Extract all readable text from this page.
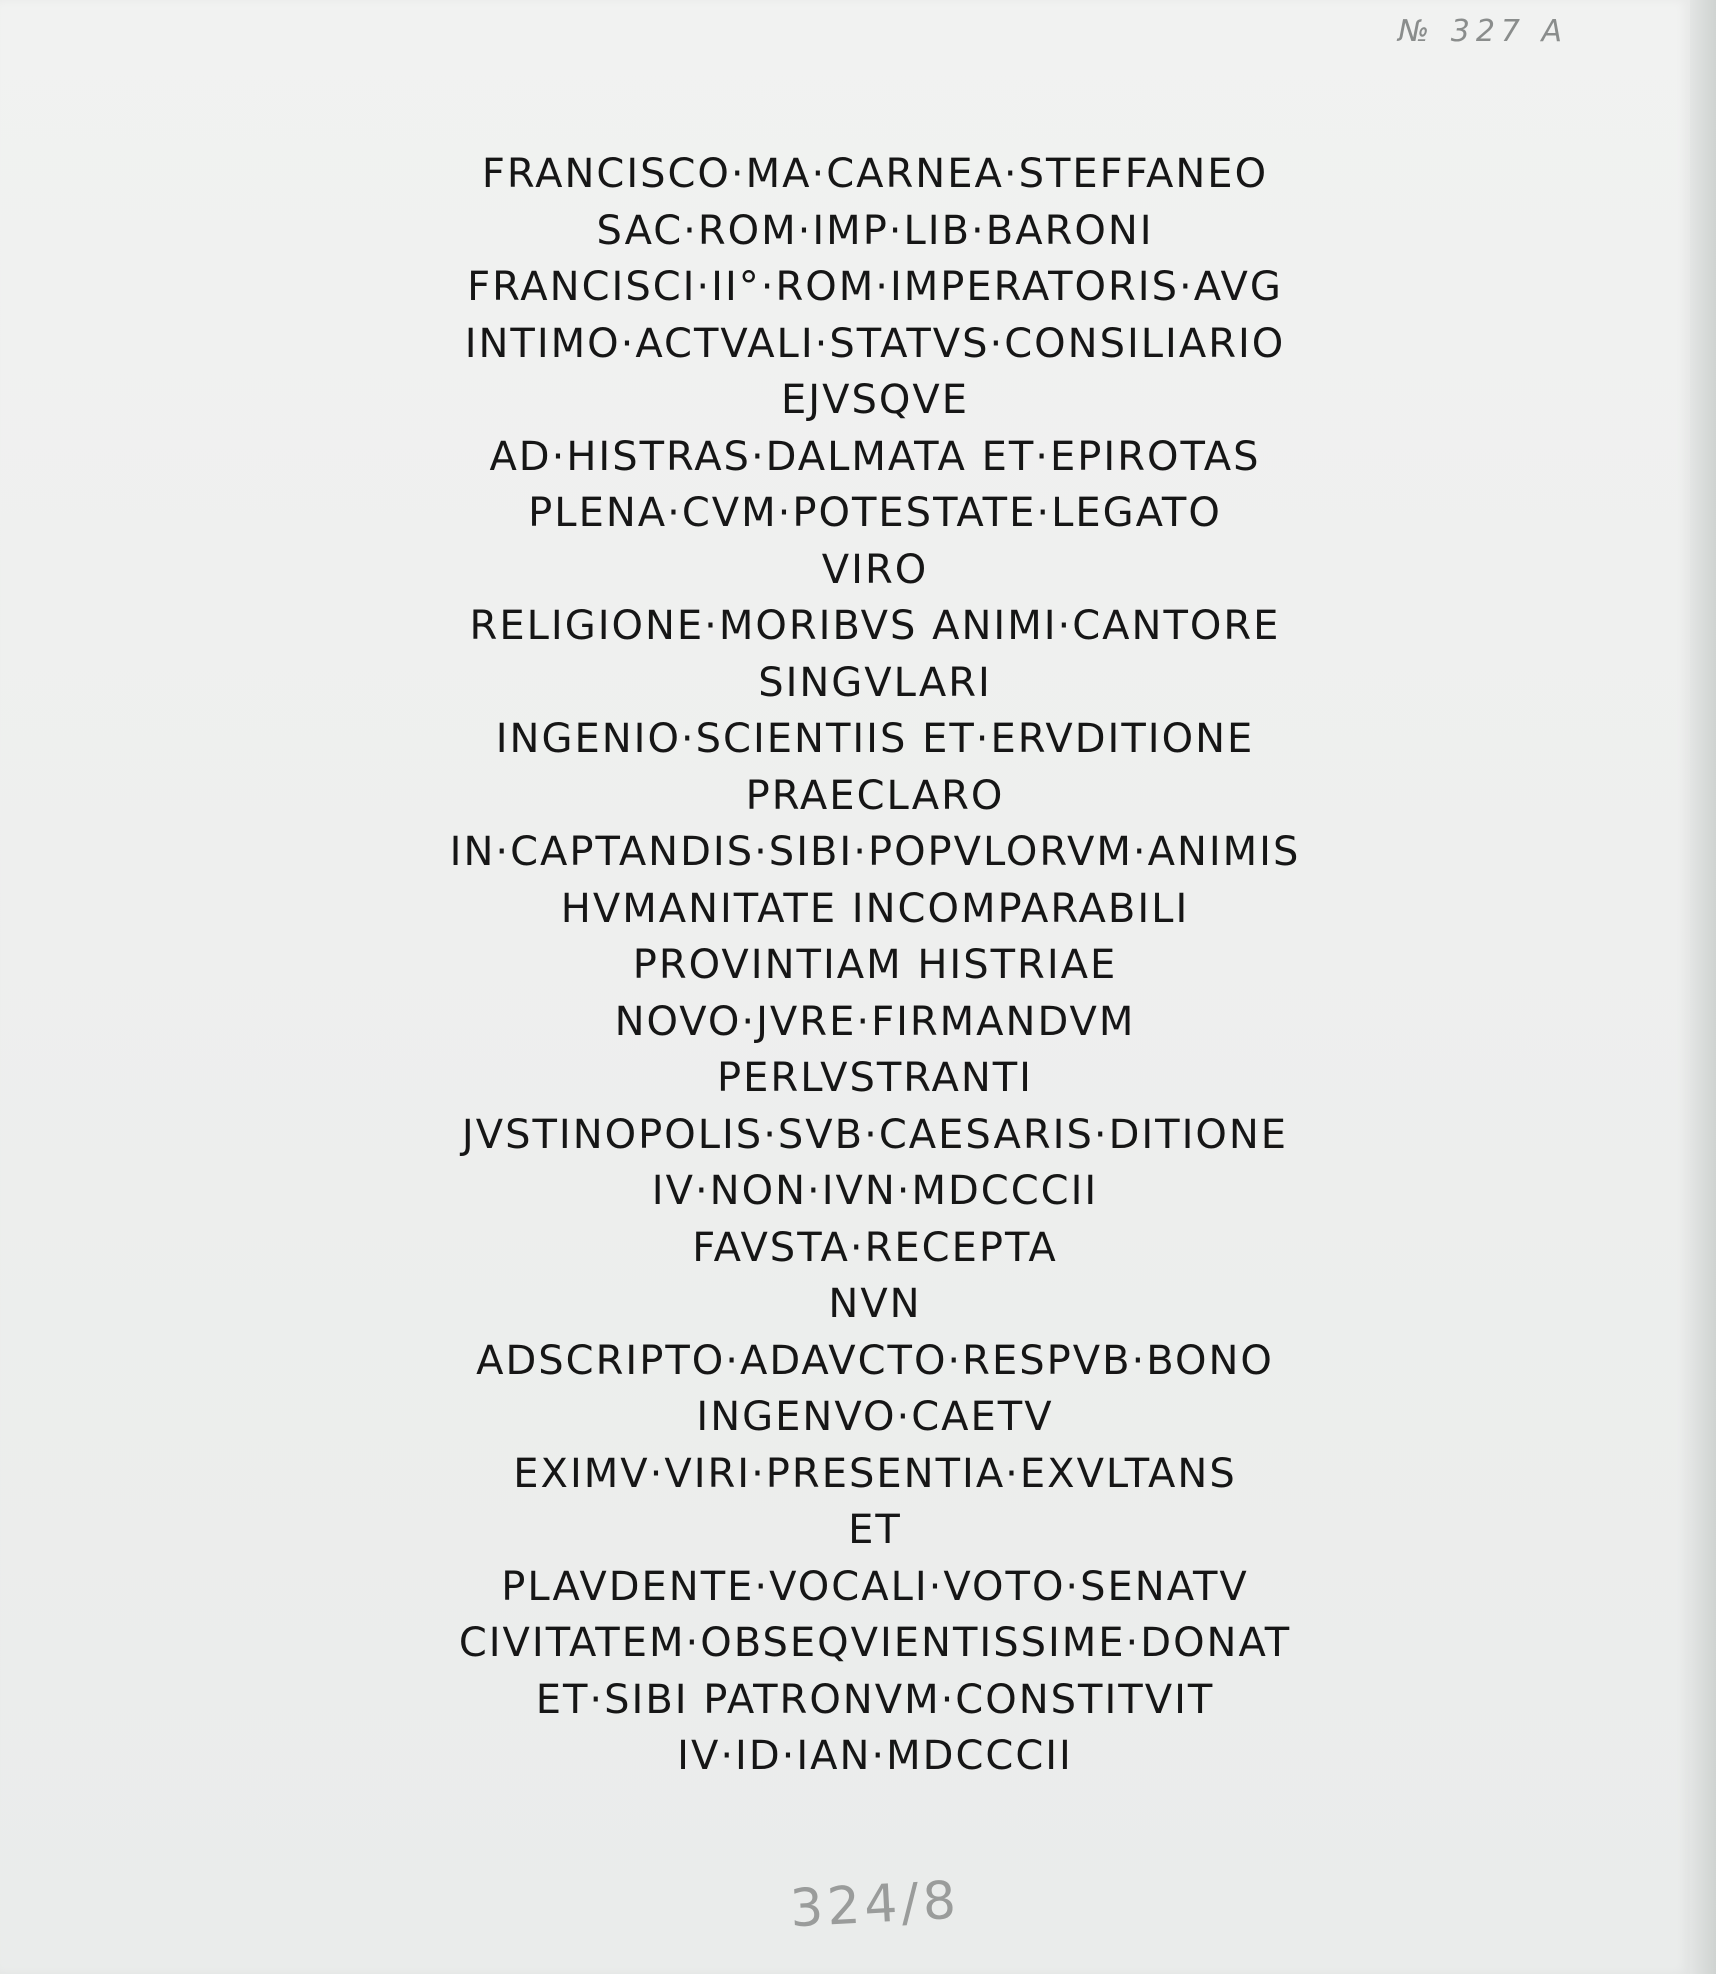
№ 327 A
FRANCISCO·MA·CARNEA·STEFFANEO
SAC·ROM·IMP·LIB·BARONI
FRANCISCI·II°·ROM·IMPERATORIS·AVG
INTIMO·ACTVALI·STATVS·CONSILIARIO
EJVSQVE
AD·HISTRAS·DALMATA ET·EPIROTAS
PLENA·CVM·POTESTATE·LEGATO
VIRO
RELIGIONE·MORIBVS ANIMI·CANTORE
SINGVLARI
INGENIO·SCIENTIIS ET·ERVDITIONE
PRAECLARO
IN·CAPTANDIS·SIBI·POPVLORVM·ANIMIS
HVMANITATE INCOMPARABILI
PROVINTIAM HISTRIAE
NOVO·JVRE·FIRMANDVM
PERLVSTRANTI
JVSTINOPOLIS·SVB·CAESARIS·DITIONE
IV·NON·IVN·MDCCCII
FAVSTA·RECEPTA
NVN
ADSCRIPTO·ADAVCTO·RESPVB·BONO
INGENVO·CAETV
EXIMV·VIRI·PRESENTIA·EXVLTANS
ET
PLAVDENTE·VOCALI·VOTO·SENATV
CIVITATEM·OBSEQVIENTISSIME·DONAT
ET·SIBI PATRONVM·CONSTITVIT
IV·ID·IAN·MDCCCII
324/8
